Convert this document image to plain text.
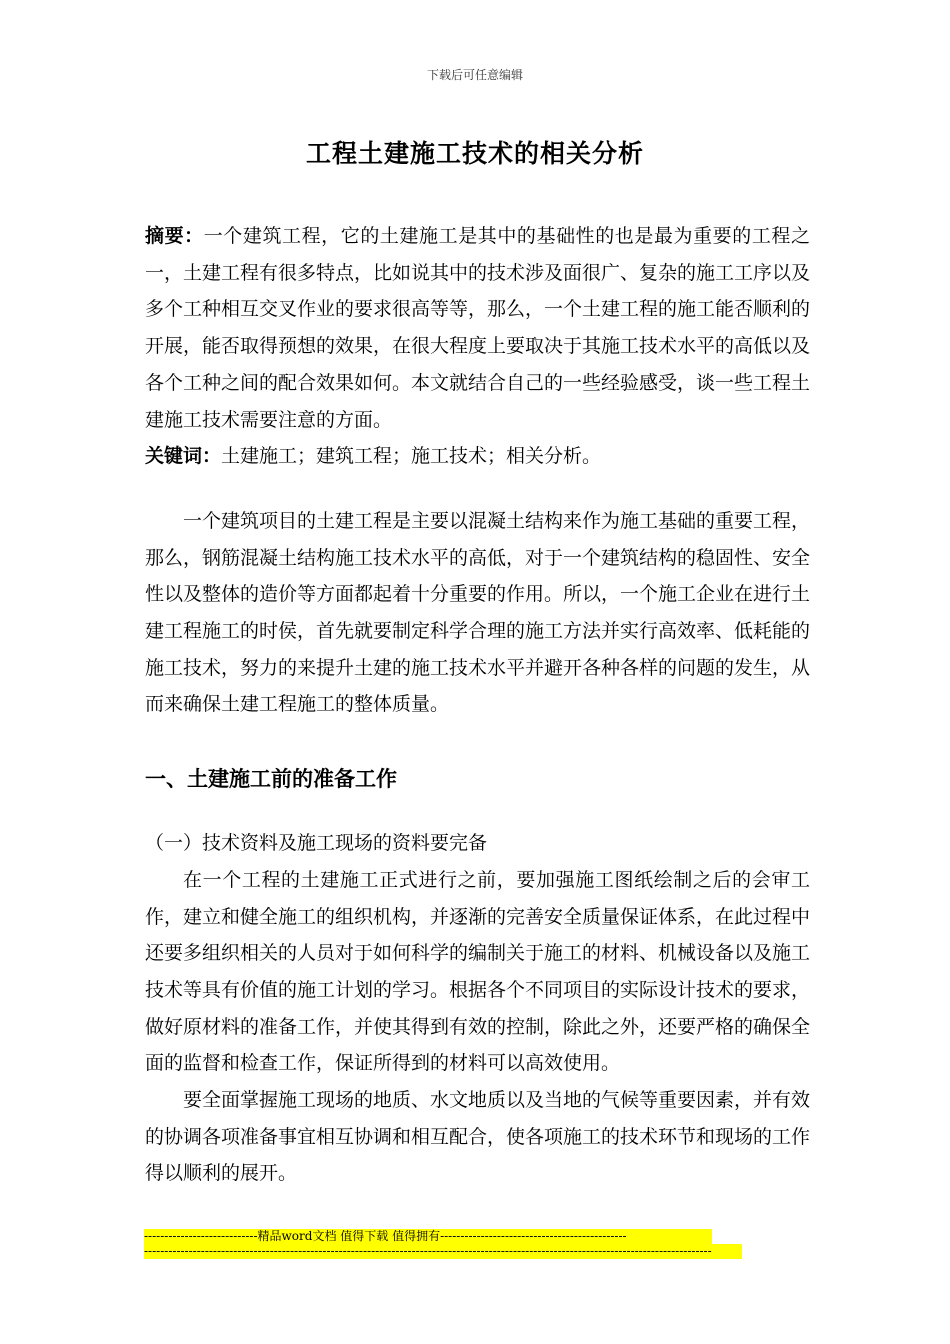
下载后可任意编辑
工程土建施工技术的相关分析

摘要：一个建筑工程，它的土建施工是其中的基础性的也是最为重要的工程之一，土建工程有很多特点，比如说其中的技术涉及面很广、复杂的施工工序以及多个工种相互交叉作业的要求很高等等，那么，一个土建工程的施工能否顺利的开展，能否取得预想的效果，在很大程度上要取决于其施工技术水平的高低以及各个工种之间的配合效果如何。本文就结合自己的一些经验感受，谈一些工程土建施工技术需要注意的方面。

关键词：土建施工；建筑工程；施工技术；相关分析。

一个建筑项目的土建工程是主要以混凝土结构来作为施工基础的重要工程，那么，钢筋混凝土结构施工技术水平的高低，对于一个建筑结构的稳固性、安全性以及整体的造价等方面都起着十分重要的作用。所以，一个施工企业在进行土建工程施工的时侯，首先就要制定科学合理的施工方法并实行高效率、低耗能的施工技术，努力的来提升土建的施工技术水平并避开各种各样的问题的发生，从而来确保土建工程施工的整体质量。

一、土建施工前的准备工作

（一）技术资料及施工现场的资料要完备

在一个工程的土建施工正式进行之前，要加强施工图纸绘制之后的会审工作，建立和健全施工的组织机构，并逐渐的完善安全质量保证体系，在此过程中还要多组织相关的人员对于如何科学的编制关于施工的材料、机械设备以及施工技术等具有价值的施工计划的学习。根据各个不同项目的实际设计技术的要求，做好原材料的准备工作，并使其得到有效的控制，除此之外，还要严格的确保全面的监督和检查工作，保证所得到的材料可以高效使用。

要全面掌握施工现场的地质、水文地质以及当地的气候等重要因素，并有效的协调各项准备事宜相互协调和相互配合，使各项施工的技术环节和现场的工作得以顺利的展开。

----------------------------精品word文档 值得下载 值得拥有----------------------------------------------
--------------------------------------------------------------------------------------------------------------------------------------------
